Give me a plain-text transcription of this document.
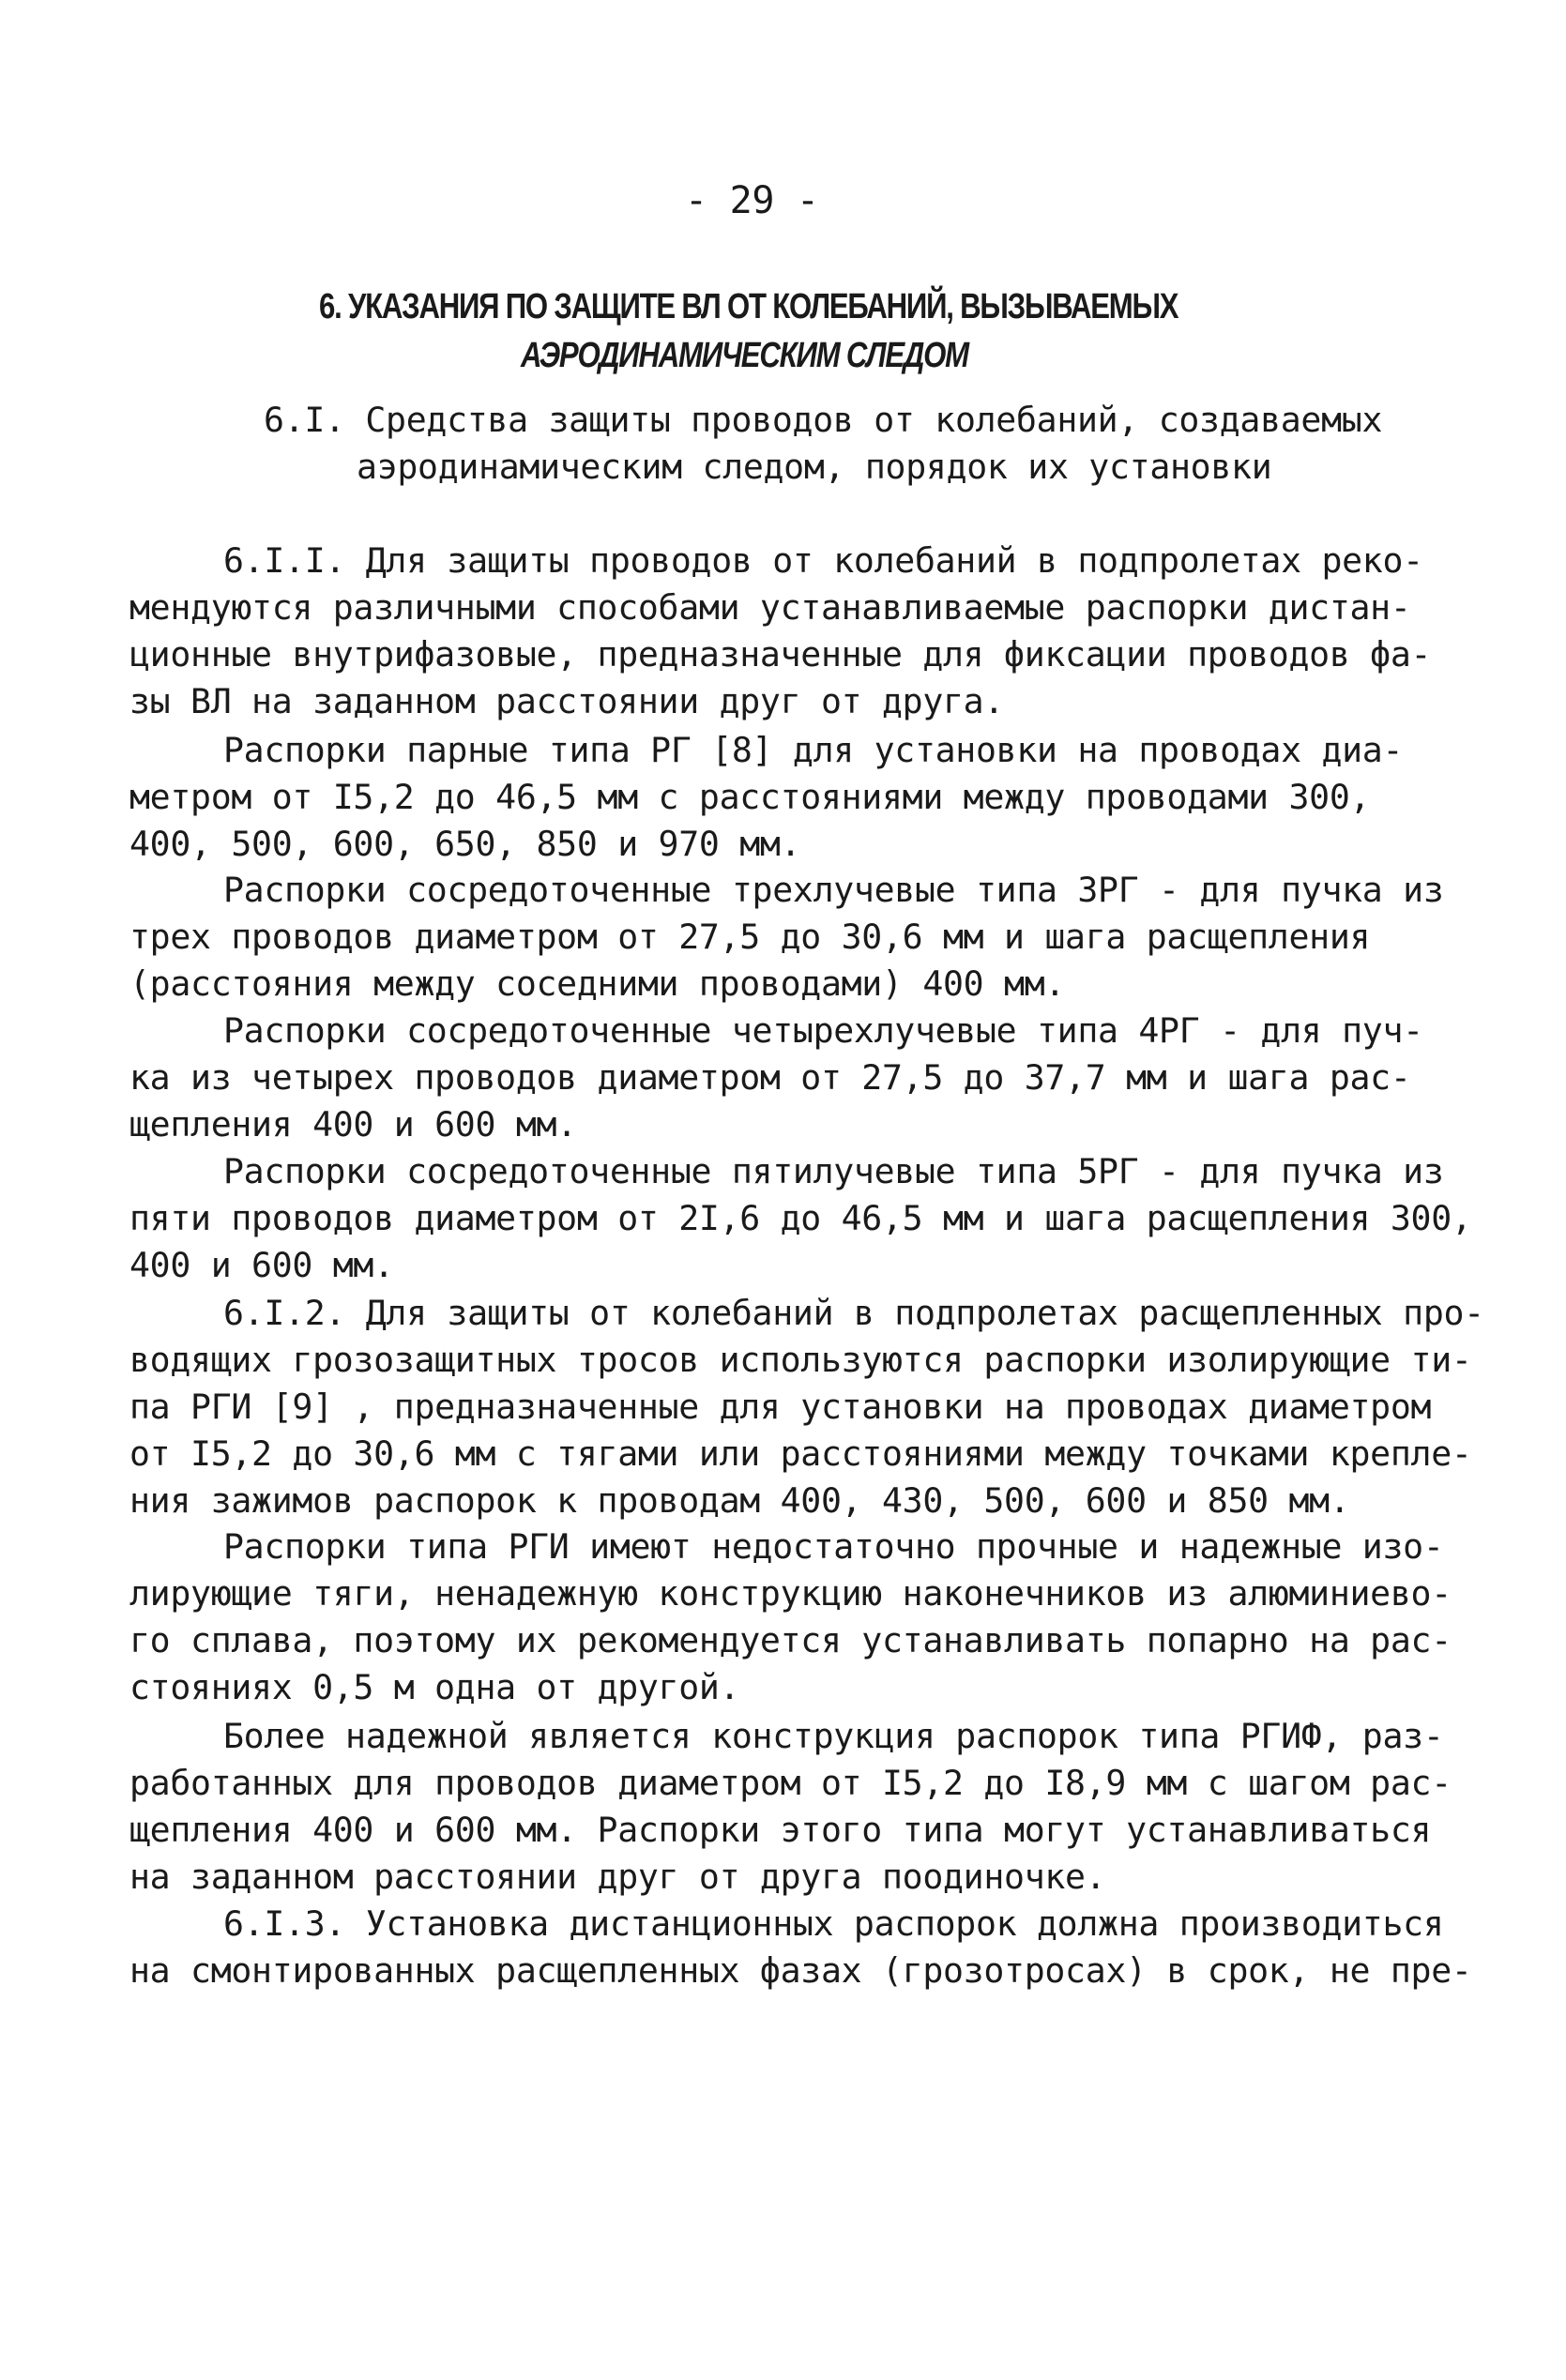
- 29 -
6. УКАЗАНИЯ ПО ЗАЩИТЕ ВЛ ОТ КОЛЕБАНИЙ, ВЫЗЫВАЕМЫХ
АЭРОДИНАМИЧЕСКИМ СЛЕДОМ
6.I. Средства защиты проводов от колебаний, создаваемых
аэродинамическим следом, порядок их установки
6.I.I. Для защиты проводов от колебаний в подпролетах реко-
мендуются различными способами устанавливаемые распорки дистан-
ционные внутрифазовые, предназначенные для фиксации проводов фа-
зы ВЛ на заданном расстоянии друг от друга.
Распорки парные типа РГ [8] для установки на проводах диа-
метром от I5,2 до 46,5 мм с расстояниями между проводами 300,
400, 500, 600, 650, 850 и 970 мм.
Распорки сосредоточенные трехлучевые типа 3РГ - для пучка из
трех проводов диаметром от 27,5 до 30,6 мм и шага расщепления
(расстояния между соседними проводами) 400 мм.
Распорки сосредоточенные четырехлучевые типа 4РГ - для пуч-
ка из четырех проводов диаметром от 27,5 до 37,7 мм и шага рас-
щепления 400 и 600 мм.
Распорки сосредоточенные пятилучевые типа 5РГ - для пучка из
пяти проводов диаметром от 2I,6 до 46,5 мм и шага расщепления 300,
400 и 600 мм.
6.I.2. Для защиты от колебаний в подпролетах расщепленных про-
водящих грозозащитных тросов используются распорки изолирующие ти-
па РГИ [9] , предназначенные для установки на проводах диаметром
от I5,2 до 30,6 мм с тягами или расстояниями между точками крепле-
ния зажимов распорок к проводам 400, 430, 500, 600 и 850 мм.
Распорки типа РГИ имеют недостаточно прочные и надежные изо-
лирующие тяги, ненадежную конструкцию наконечников из алюминиево-
го сплава, поэтому их рекомендуется устанавливать попарно на рас-
стояниях 0,5 м одна от другой.
Более надежной является конструкция распорок типа РГИФ, раз-
работанных для проводов диаметром от I5,2 до I8,9 мм с шагом рас-
щепления 400 и 600 мм. Распорки этого типа могут устанавливаться
на заданном расстоянии друг от друга поодиночке.
6.I.3. Установка дистанционных распорок должна производиться
на смонтированных расщепленных фазах (грозотросах) в срок, не пре-
